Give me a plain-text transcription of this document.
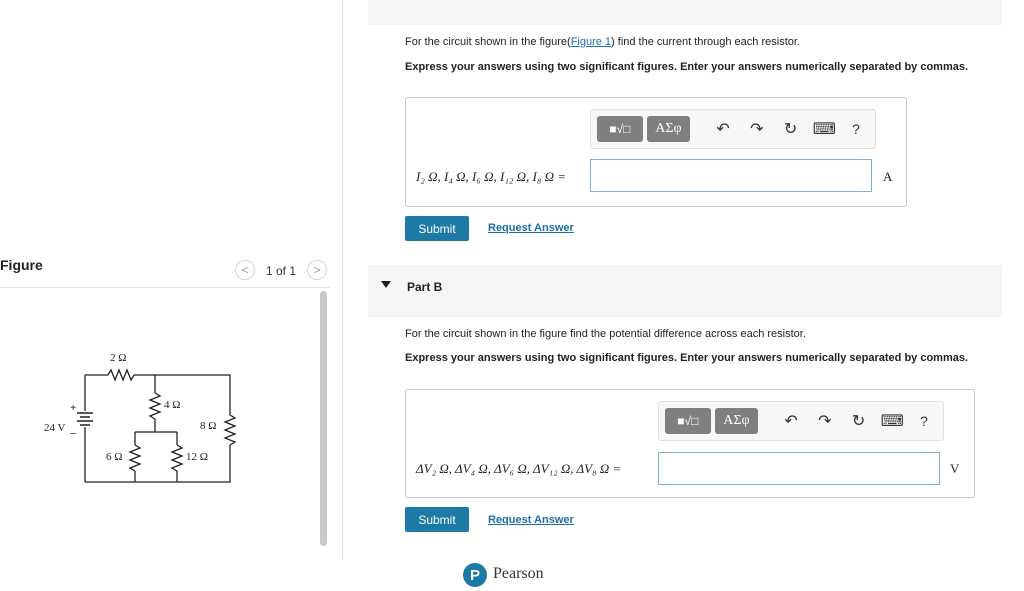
Figure	< 1 of 1 >
2 Ω
4 Ω
8 Ω
6 Ω	12 Ω
24 V
+
−
For the circuit shown in the figure(Figure 1) find the current through each resistor.
Express your answers using two significant figures. Enter your answers numerically separated by commas.
■√□	ΑΣφ	↶	↷	↻ ⌨	?
I₂ Ω, I₄ Ω, I₆ Ω, I₁₂ Ω, I₈ Ω =	A
Submit	Request Answer
Part B
For the circuit shown in the figure find the potential difference across each resistor.
Express your answers using two significant figures. Enter your answers numerically separated by commas.
■√□	ΑΣφ	↶	↷	↻ ⌨	?
ΔV₂ Ω, ΔV₄ Ω, ΔV₆ Ω, ΔV₁₂ Ω, ΔV₈ Ω =	V
Submit	Request Answer
P Pearson
